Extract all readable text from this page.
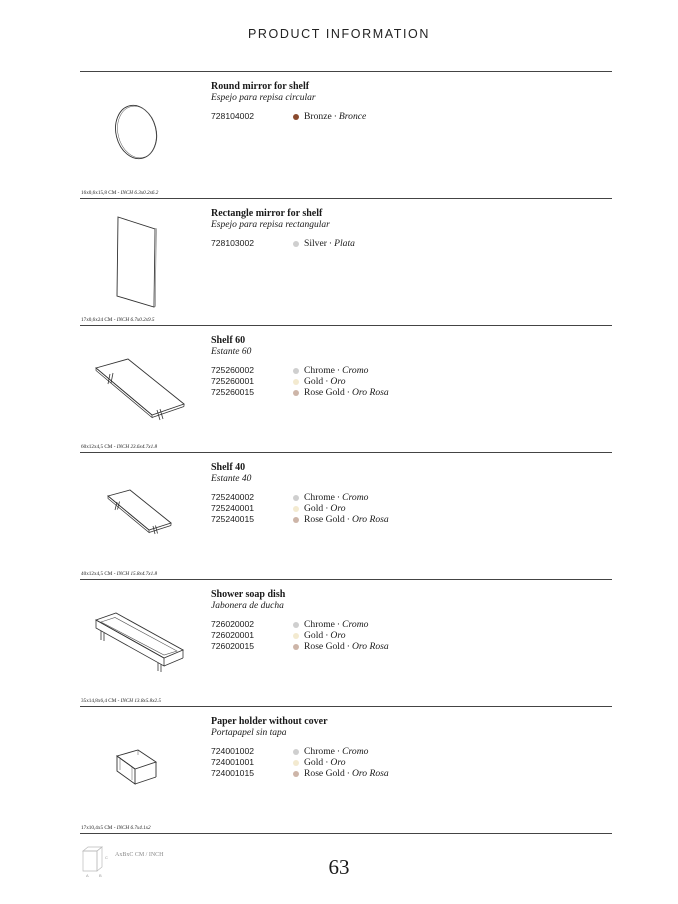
PRODUCT INFORMATION
Round mirror for shelf
Espejo para repisa circular
728104002	Bronze · Bronce
16x0,6x15,8 CM - INCH 6.3x0.2x6.2
Rectangle mirror for shelf
Espejo para repisa rectangular
728103002	Silver · Plata
17x0,6x24 CM - INCH 6.7x0.2x9.5
Shelf 60
Estante 60
725260002	Chrome · Cromo
725260001	Gold · Oro
725260015	Rose Gold · Oro Rosa
60x12x4,5 CM - INCH 23.6x4.7x1.8
Shelf 40
Estante 40
725240002	Chrome · Cromo
725240001	Gold · Oro
725240015	Rose Gold · Oro Rosa
40x12x4,5 CM - INCH 15.8x4.7x1.8
Shower soap dish
Jabonera de ducha
726020002	Chrome · Cromo
726020001	Gold · Oro
726020015	Rose Gold · Oro Rosa
35x14,8x6,4 CM - INCH 13.8x5.8x2.5
Paper holder without cover
Portapapel sin tapa
724001002	Chrome · Cromo
724001001	Gold · Oro
724001015	Rose Gold · Oro Rosa
17x10,4x5 CM - INCH 6.7x4.1x2
A	B
C AxBxC CM / INCH	63
